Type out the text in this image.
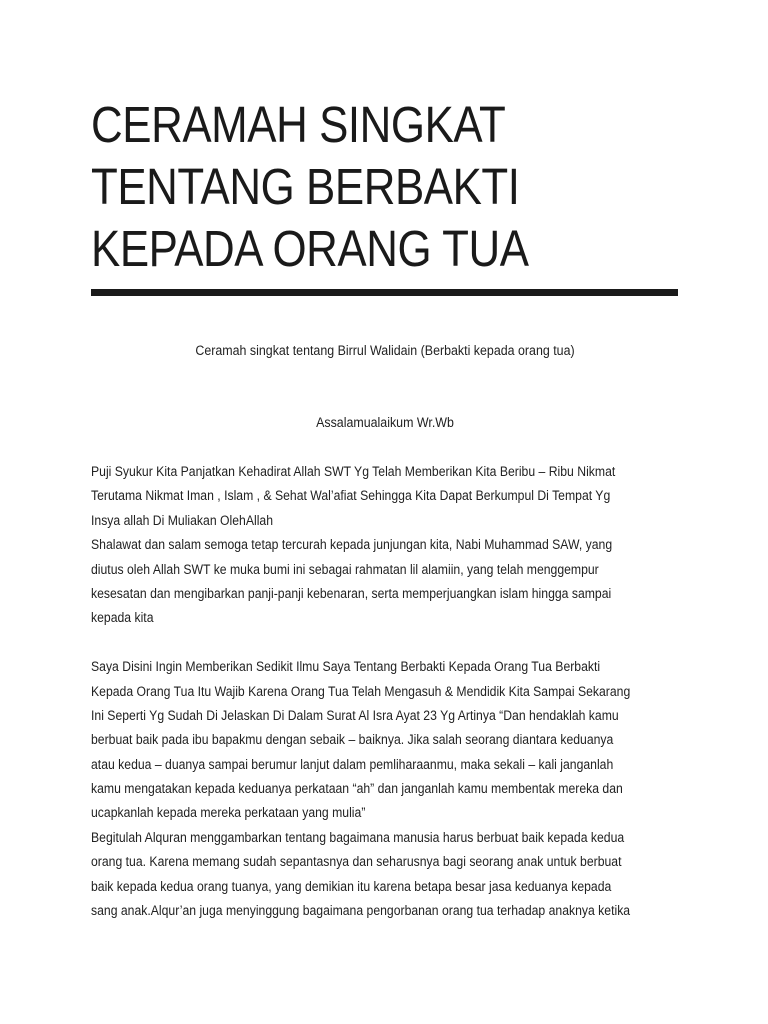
CERAMAH SINGKAT
TENTANG BERBAKTI
KEPADA ORANG TUA
Ceramah singkat tentang Birrul Walidain (Berbakti kepada orang tua)
Assalamualaikum Wr.Wb
Puji Syukur Kita Panjatkan Kehadirat Allah SWT Yg Telah Memberikan Kita Beribu – Ribu Nikmat
Terutama Nikmat Iman , Islam , & Sehat Wal’afiat Sehingga Kita Dapat Berkumpul Di Tempat Yg
Insya allah Di Muliakan OlehAllah
Shalawat dan salam semoga tetap tercurah kepada junjungan kita, Nabi Muhammad SAW, yang
diutus oleh Allah SWT ke muka bumi ini sebagai rahmatan lil alamiin, yang telah menggempur
kesesatan dan mengibarkan panji-panji kebenaran, serta memperjuangkan islam hingga sampai
kepada kita
Saya Disini Ingin Memberikan Sedikit Ilmu Saya Tentang Berbakti Kepada Orang Tua Berbakti
Kepada Orang Tua Itu Wajib Karena Orang Tua Telah Mengasuh & Mendidik Kita Sampai Sekarang
Ini Seperti Yg Sudah Di Jelaskan Di Dalam Surat Al Isra Ayat 23 Yg Artinya “Dan hendaklah kamu
berbuat baik pada ibu bapakmu dengan sebaik – baiknya. Jika salah seorang diantara keduanya
atau kedua – duanya sampai berumur lanjut dalam pemliharaanmu, maka sekali – kali janganlah
kamu mengatakan kepada keduanya perkataan “ah” dan janganlah kamu membentak mereka dan
ucapkanlah kepada mereka perkataan yang mulia”
Begitulah Alquran menggambarkan tentang bagaimana manusia harus berbuat baik kepada kedua
orang tua. Karena memang sudah sepantasnya dan seharusnya bagi seorang anak untuk berbuat
baik kepada kedua orang tuanya, yang demikian itu karena betapa besar jasa keduanya kepada
sang anak.Alqur’an juga menyinggung bagaimana pengorbanan orang tua terhadap anaknya ketika
